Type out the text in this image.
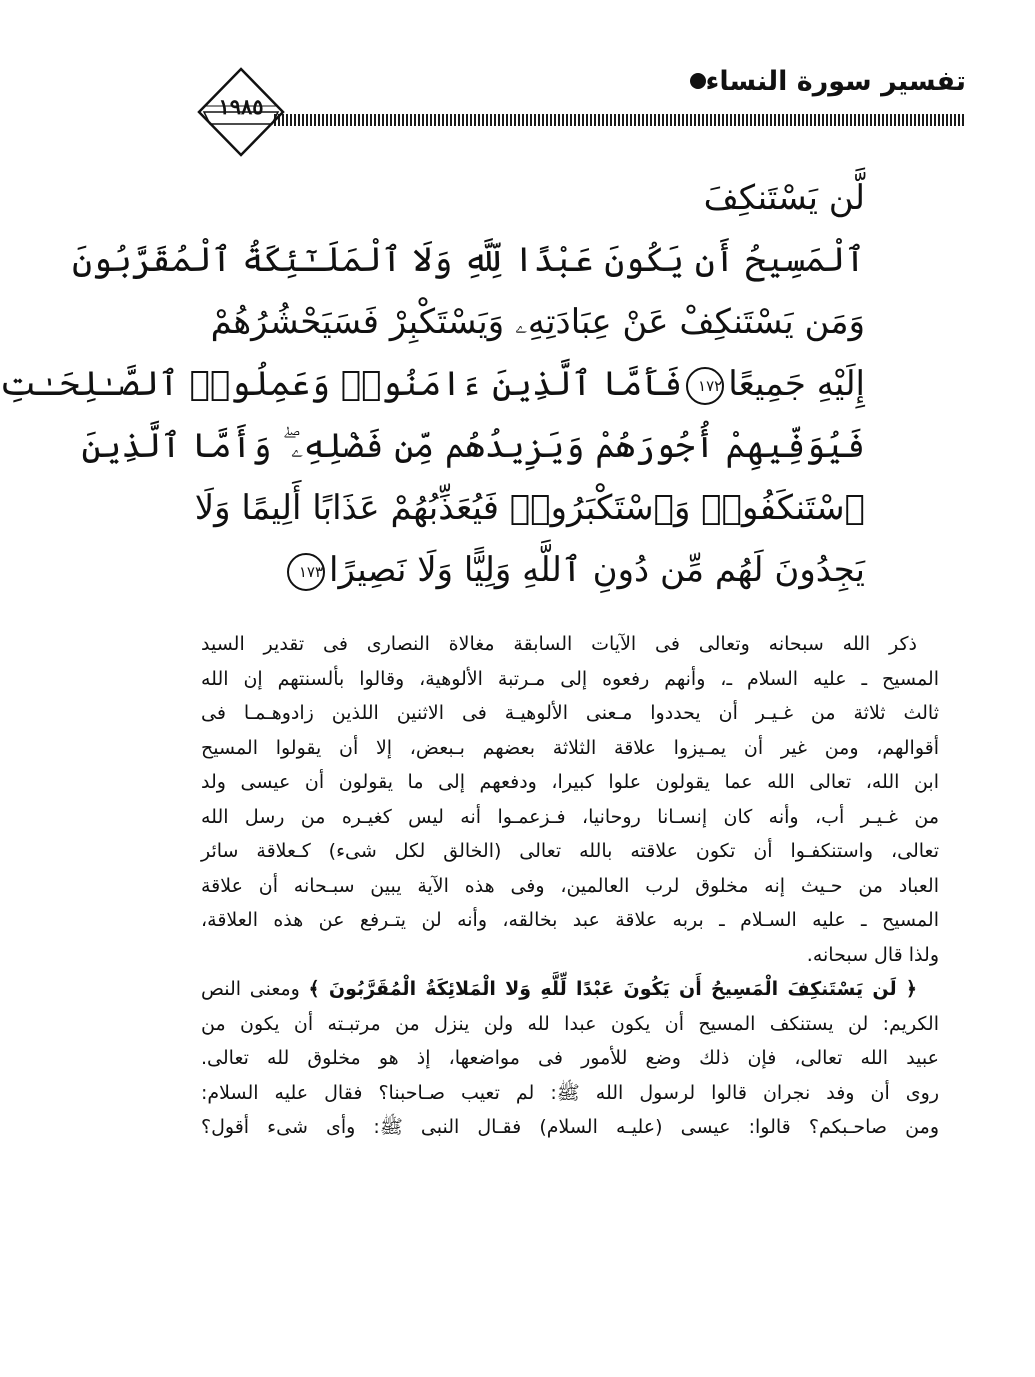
تفسير سورة النساء
١٩٨٥
لَّن يَسْتَنكِفَ
ٱلْمَسِيحُ أَن يَكُونَ عَبْدًا لِّلَّهِ وَلَا ٱلْمَلَـٰٓئِكَةُ ٱلْمُقَرَّبُونَ
وَمَن يَسْتَنكِفْ عَنْ عِبَادَتِهِۦ وَيَسْتَكْبِرْ فَسَيَحْشُرُهُمْ
إِلَيْهِ جَمِيعًا١٧٢فَأَمَّا ٱلَّذِينَ ءَامَنُوا۟ وَعَمِلُوا۟ ٱلصَّـٰلِحَـٰتِ
فَيُوَفِّيهِمْ أُجُورَهُمْ وَيَزِيدُهُم مِّن فَضْلِهِۦ ۖ وَأَمَّا ٱلَّذِينَ
ٱسْتَنكَفُوا۟ وَٱسْتَكْبَرُوا۟ فَيُعَذِّبُهُمْ عَذَابًا أَلِيمًا وَلَا
يَجِدُونَ لَهُم مِّن دُونِ ٱللَّهِ وَلِيًّا وَلَا نَصِيرًا١٧٣
ذكر الله سبحانه وتعالى فى الآيات السابقة مغالاة النصارى فى تقدير السيد
المسيح ـ عليه السلام ـ، وأنهم رفعوه إلى مـرتبة الألوهية، وقالوا بألسنتهم إن الله
ثالث ثلاثة من غـيـر أن يحددوا مـعنى الألوهيـة فى الاثنين اللذين زادوهـمـا فى
أقوالهم، ومن غير أن يمـيزوا علاقة الثلاثة بعضهم بـبعض، إلا أن يقولوا المسيح
ابن الله، تعالى الله عما يقولون علوا كبيرا، ودفعهم إلى ما يقولون أن عيسى ولد
من غـيـر أب، وأنه كان إنسـانا روحانيا، فـزعمـوا أنه ليس كغيـره من رسل الله
تعالى، واستنكفـوا أن تكون علاقته بالله تعالى (الخالق لكل شىء) كـعلاقة سائر
العباد من حـيث إنه مخلوق لرب العالمين، وفى هذه الآية يبين سبـحانه أن علاقة
المسيح ـ عليه السـلام ـ بربه علاقة عبد بخالقه، وأنه لن يتـرفع عن هذه العلاقة،
ولذا قال سبحانه.
﴿ لَن يَسْتَنكِفَ الْمَسِيحُ أَن يَكُونَ عَبْدًا لِّلَّهِ وَلا الْمَلائِكَةُ الْمُقَرَّبُونَ ﴾ ومعنى النص
الكريم: لن يستنكف المسيح أن يكون عبدا لله ولن ينزل من مرتبـته أن يكون من
عبيد الله تعالى، فإن ذلك وضع للأمور فى مواضعها، إذ هو مخلوق لله تعالى.
روى أن وفد نجران قالوا لرسول الله ﷺ: لم تعيب صـاحبنا؟ فقال عليه السلام:
ومن صاحـبكم؟ قالوا: عيسى (عليـه السلام) فقـال النبى ﷺ: وأى شىء أقول؟
